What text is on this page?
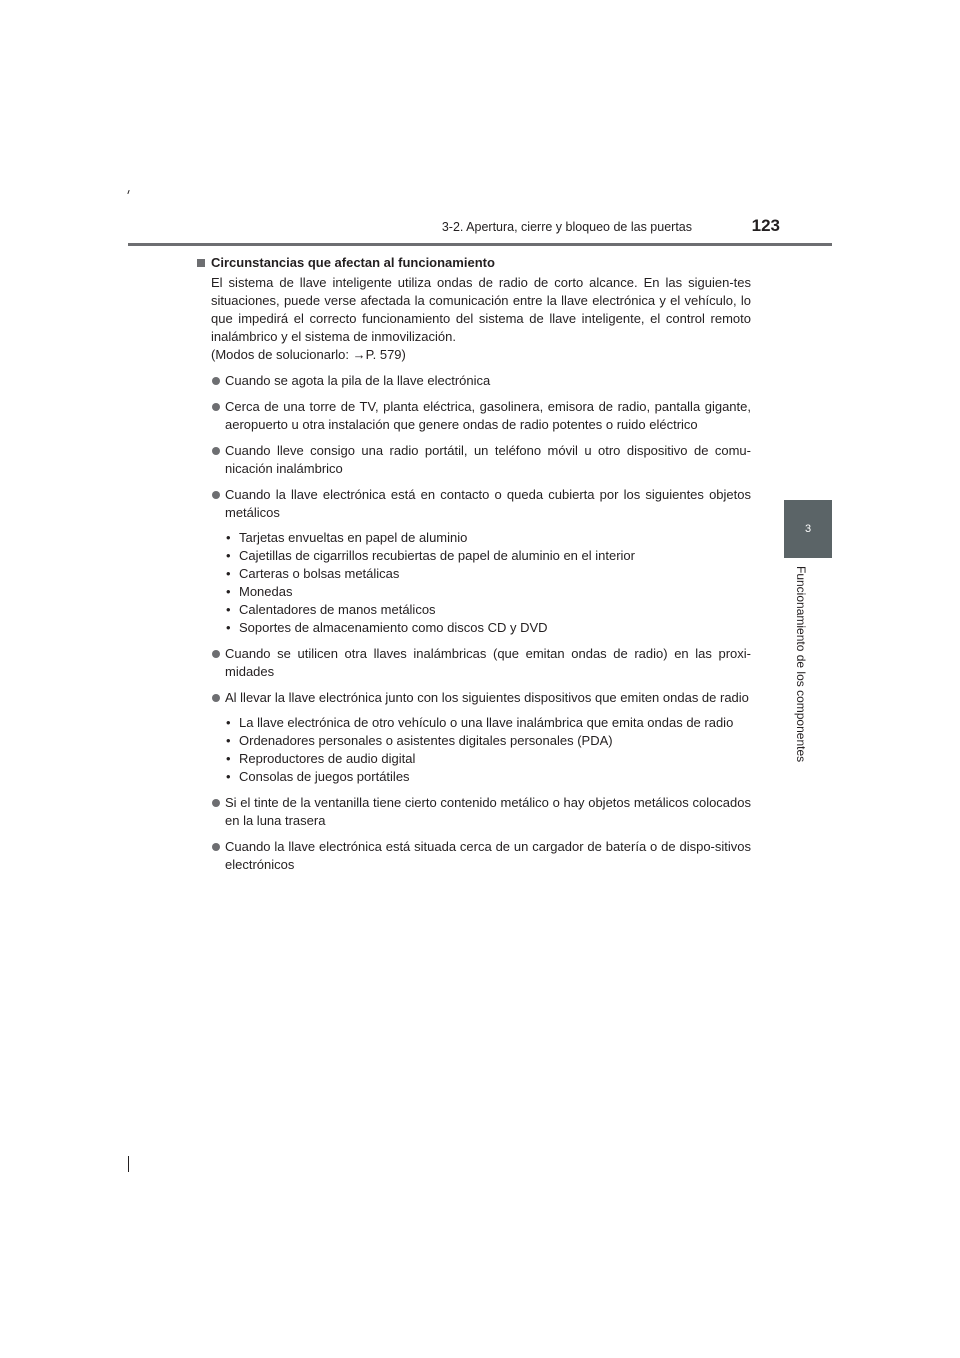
3-2. Apertura, cierre y bloqueo de las puertas	123
3
Funcionamiento de los componentes
Circunstancias que afectan al funcionamiento
El sistema de llave inteligente utiliza ondas de radio de corto alcance. En las siguien-tes situaciones, puede verse afectada la comunicación entre la llave electrónica y el vehículo, lo que impedirá el correcto funcionamiento del sistema de llave inteligente, el control remoto inalámbrico y el sistema de inmovilización.
(Modos de solucionarlo: →P. 579)
Cuando se agota la pila de la llave electrónica
Cerca de una torre de TV, planta eléctrica, gasolinera, emisora de radio, pantalla gigante, aeropuerto u otra instalación que genere ondas de radio potentes o ruido eléctrico
Cuando lleve consigo una radio portátil, un teléfono móvil u otro dispositivo de comu-nicación inalámbrico
Cuando la llave electrónica está en contacto o queda cubierta por los siguientes objetos metálicos
• Tarjetas envueltas en papel de aluminio
• Cajetillas de cigarrillos recubiertas de papel de aluminio en el interior
• Carteras o bolsas metálicas
• Monedas
• Calentadores de manos metálicos
• Soportes de almacenamiento como discos CD y DVD
Cuando se utilicen otra llaves inalámbricas (que emitan ondas de radio) en las proxi-midades
Al llevar la llave electrónica junto con los siguientes dispositivos que emiten ondas de radio
• La llave electrónica de otro vehículo o una llave inalámbrica que emita ondas de radio
• Ordenadores personales o asistentes digitales personales (PDA)
• Reproductores de audio digital
• Consolas de juegos portátiles
Si el tinte de la ventanilla tiene cierto contenido metálico o hay objetos metálicos colocados en la luna trasera
Cuando la llave electrónica está situada cerca de un cargador de batería o de dispo-sitivos electrónicos
